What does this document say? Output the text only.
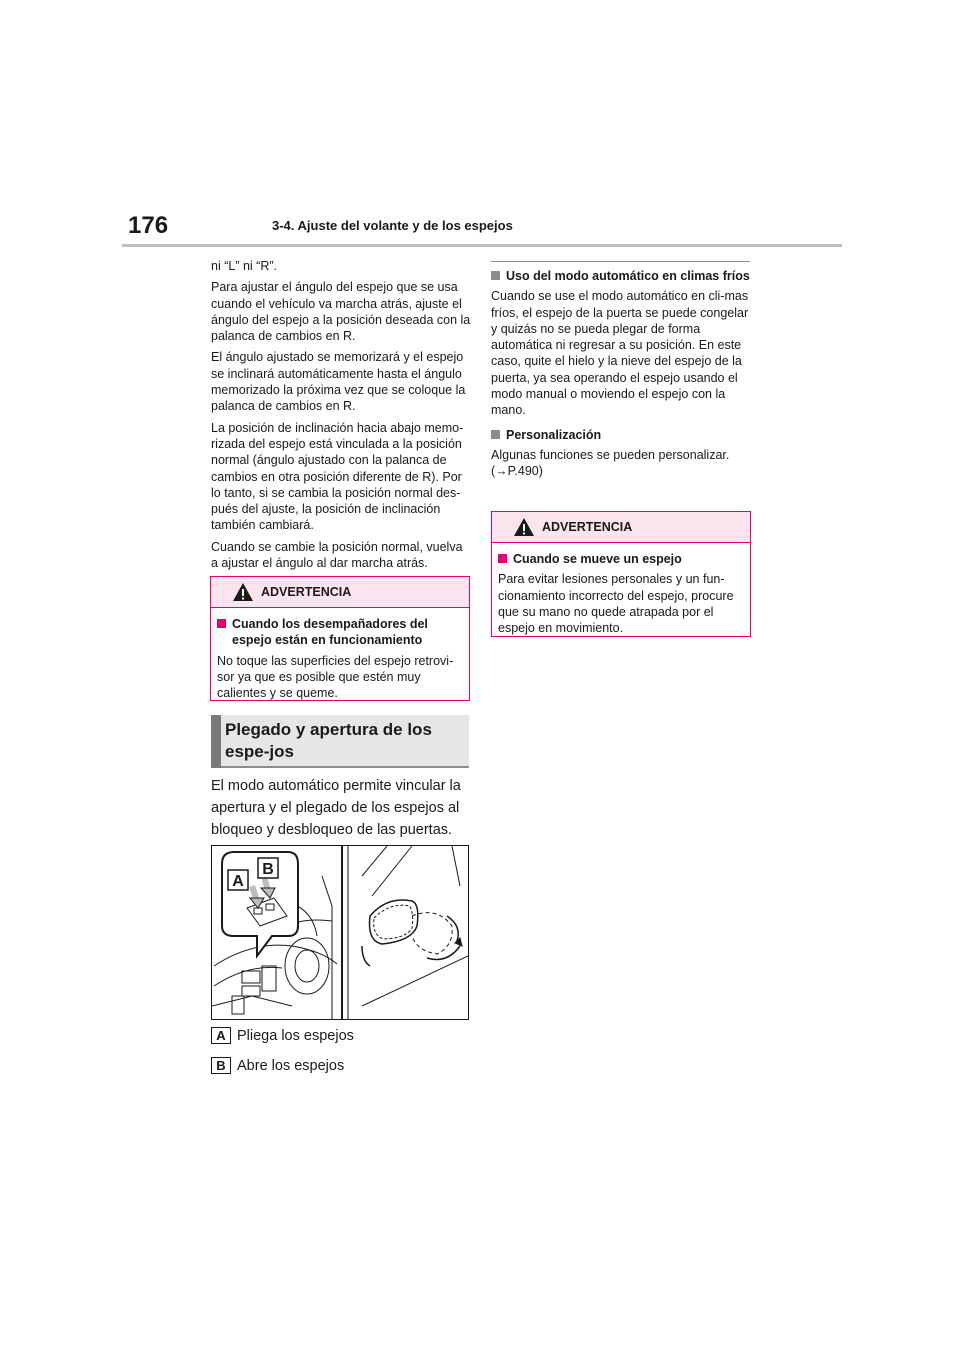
176	3-4. Ajuste del volante y de los espejos

ni “L” ni “R”.

Para ajustar el ángulo del espejo que se usa cuando el vehículo va marcha atrás, ajuste el ángulo del espejo a la posición deseada con la palanca de cambios en R.

El ángulo ajustado se memorizará y el espejo se inclinará automáticamente hasta el ángulo memorizado la próxima vez que se coloque la palanca de cambios en R.

La posición de inclinación hacia abajo memo-rizada del espejo está vinculada a la posición normal (ángulo ajustado con la palanca de cambios en otra posición diferente de R). Por lo tanto, si se cambia la posición normal des-pués del ajuste, la posición de inclinación también cambiará.

Cuando se cambie la posición normal, vuelva a ajustar el ángulo al dar marcha atrás.

ADVERTENCIA
Cuando los desempañadores del espejo están en funcionamiento
No toque las superficies del espejo retrovi-sor ya que es posible que estén muy calientes y se queme.
Plegado y apertura de los espe-jos
El modo automático permite vincular la apertura y el plegado de los espejos al bloqueo y desbloqueo de las puertas.
A
B
A Pliega los espejos
B Abre los espejos
Uso del modo automático en climas fríos

Cuando se use el modo automático en cli-mas fríos, el espejo de la puerta se puede congelar y quizás no se pueda plegar de forma automática ni regresar a su posición. En este caso, quite el hielo y la nieve del espejo de la puerta, ya sea operando el espejo usando el modo manual o moviendo el espejo con la mano.

Personalización

Algunas funciones se pueden personalizar. (→P.490)

ADVERTENCIA
Cuando se mueve un espejo
Para evitar lesiones personales y un fun-cionamiento incorrecto del espejo, procure que su mano no quede atrapada por el espejo en movimiento.
